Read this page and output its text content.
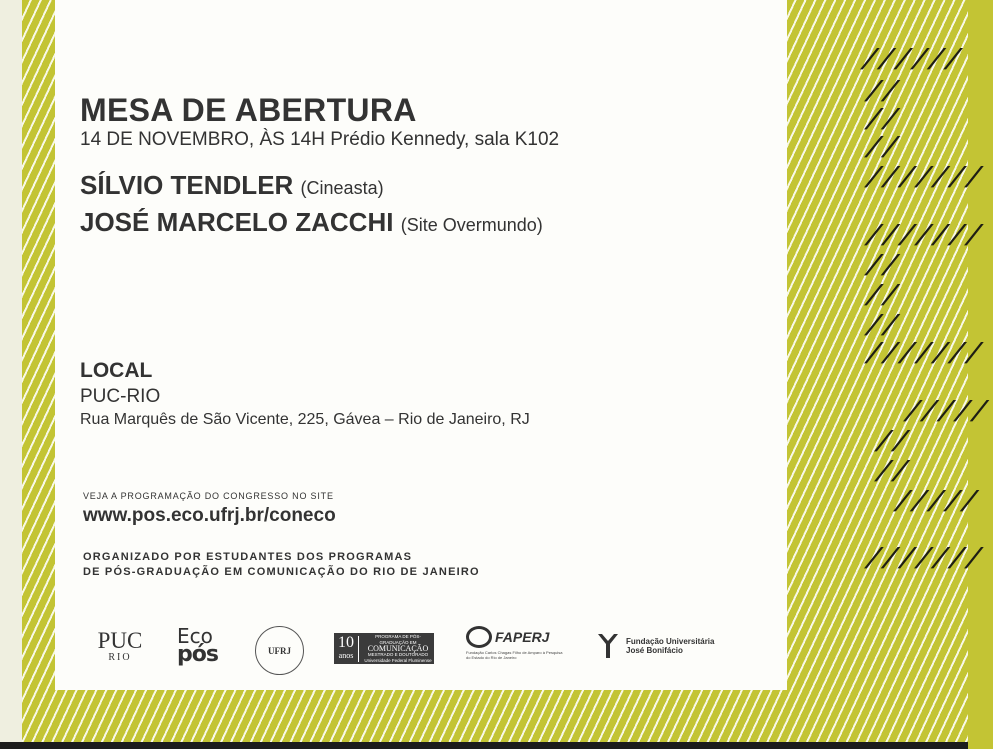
//////
//
//
//
///////
///////
//
//
//
///////
/////
//
//
/////
///////
MESA DE ABERTURA
14 DE NOVEMBRO, ÀS 14H Prédio Kennedy, sala K102
SÍLVIO TENDLER (Cineasta)
JOSÉ MARCELO ZACCHI (Site Overmundo)
LOCAL
PUC-RIO
Rua Marquês de São Vicente, 225, Gávea – Rio de Janeiro, RJ
VEJA A PROGRAMAÇÃO DO CONGRESSO NO SITE
www.pos.eco.ufrj.br/coneco
ORGANIZADO POR ESTUDANTES DOS PROGRAMAS
DE PÓS-GRADUAÇÃO EM COMUNICAÇÃO DO RIO DE JANEIRO
PUC
RIO
Eco
pós	UFRJ	10
anos
PROGRAMA DE PÓS-GRADUAÇÃO EM
COMUNICAÇÃO
MESTRADO E DOUTORADO
Universidade Federal Fluminense
FAPERJ
Fundação Carlos Chagas Filho de Amparo à Pesquisa do Estado do Rio de Janeiro
Fundação Universitária
José Bonifácio
